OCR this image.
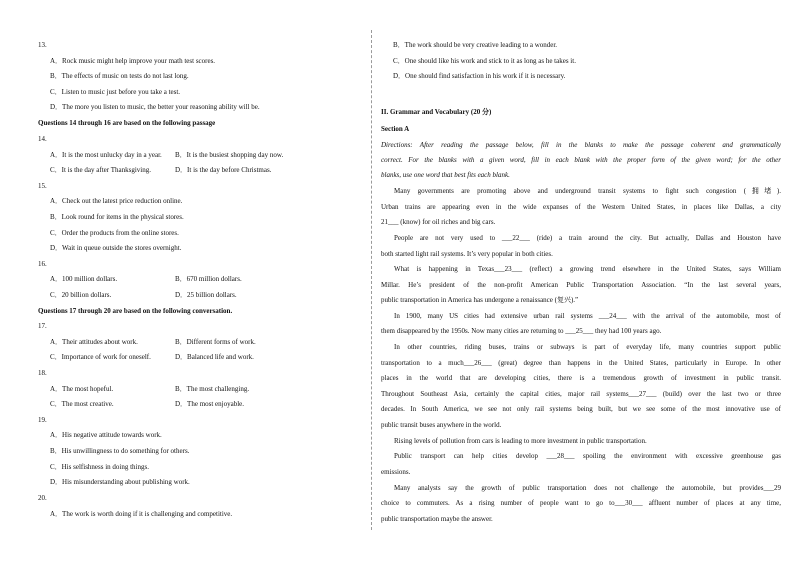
13.
A．Rock music might help improve your math test scores.
B．The effects of music on tests do not last long.
C．Listen to music just before you take a test.
D．The more you listen to music, the better your reasoning ability will be.
Questions 14 through 16 are based on the following passage
14.
A．It is the most unlucky day in a year. B．It is the busiest shopping day now.
C．It is the day after Thanksgiving.	D．It is the day before Christmas.
15.
A．Check out the latest price reduction online.
B．Look round for items in the physical stores.
C．Order the products from the online stores.
D．Wait in queue outside the stores overnight.
16.
A．100 million dollars.	B．670 million dollars.
C．20 billion dollars.	D．25 billion dollars.
Questions 17 through 20 are based on the following conversation.
17.
A．Their attitudes about work.	B．Different forms of work.
C．Importance of work for oneself.	D．Balanced life and work.
18.
A．The most hopeful.	B．The most challenging.
C．The most creative.	D．The most enjoyable.
19.
A．His negative attitude towards work.
B．His unwillingness to do something for others.
C．His selfishness in doing things.
D．His misunderstanding about publishing work.
20.
A．The work is worth doing if it is challenging and competitive.
B．The work should be very creative leading to a wonder.
C．One should like his work and stick to it as long as he takes it.
D．One should find satisfaction in his work if it is necessary.
II. Grammar and Vocabulary (20 分)
Section A
Directions: After reading the passage below, fill in the blanks to make the passage coherent and grammatically
correct. For the blanks with a given word, fill in each blank with the proper form of the given word; for the other
blanks, use one word that best fits each blank.
Many governments are promoting above and underground transit systems to fight such congestion (拥堵).
Urban trains are appearing even in the wide expanses of the Western United States, in places like Dallas, a city
21___ (know) for oil riches and big cars.
People are not very used to ___22___ (ride) a train around the city. But actually, Dallas and Houston have
both started light rail systems. It’s very popular in both cities.
What is happening in Texas___23___ (reflect) a growing trend elsewhere in the United States, says William
Millar. He’s president of the non-profit American Public Transportation Association. “In the last several years,
public transportation in America has undergone a renaissance (复兴).”
In 1900, many US cities had extensive urban rail systems ___24___ with the arrival of the automobile, most of
them disappeared by the 1950s. Now many cities are returning to ___25___ they had 100 years ago.
In other countries, riding buses, trains or subways is part of everyday life, many countries support public
transportation to a much___26___ (great) degree than happens in the United States, particularly in Europe. In other
places in the world that are developing cities, there is a tremendous growth of investment in public transit.
Throughout Southeast Asia, certainly the capital cities, major rail systems___27___ (build) over the last two or three
decades. In South America, we see not only rail systems being built, but we see some of the most innovative use of
public transit buses anywhere in the world.
Rising levels of pollution from cars is leading to more investment in public transportation.
Public transport can help cities develop ___28___ spoiling the environment with excessive greenhouse gas
emissions.
Many analysts say the growth of public transportation does not challenge the automobile, but provides___29
choice to commuters. As a rising number of people want to go to___30___ affluent number of places at any time,
public transportation maybe the answer.
